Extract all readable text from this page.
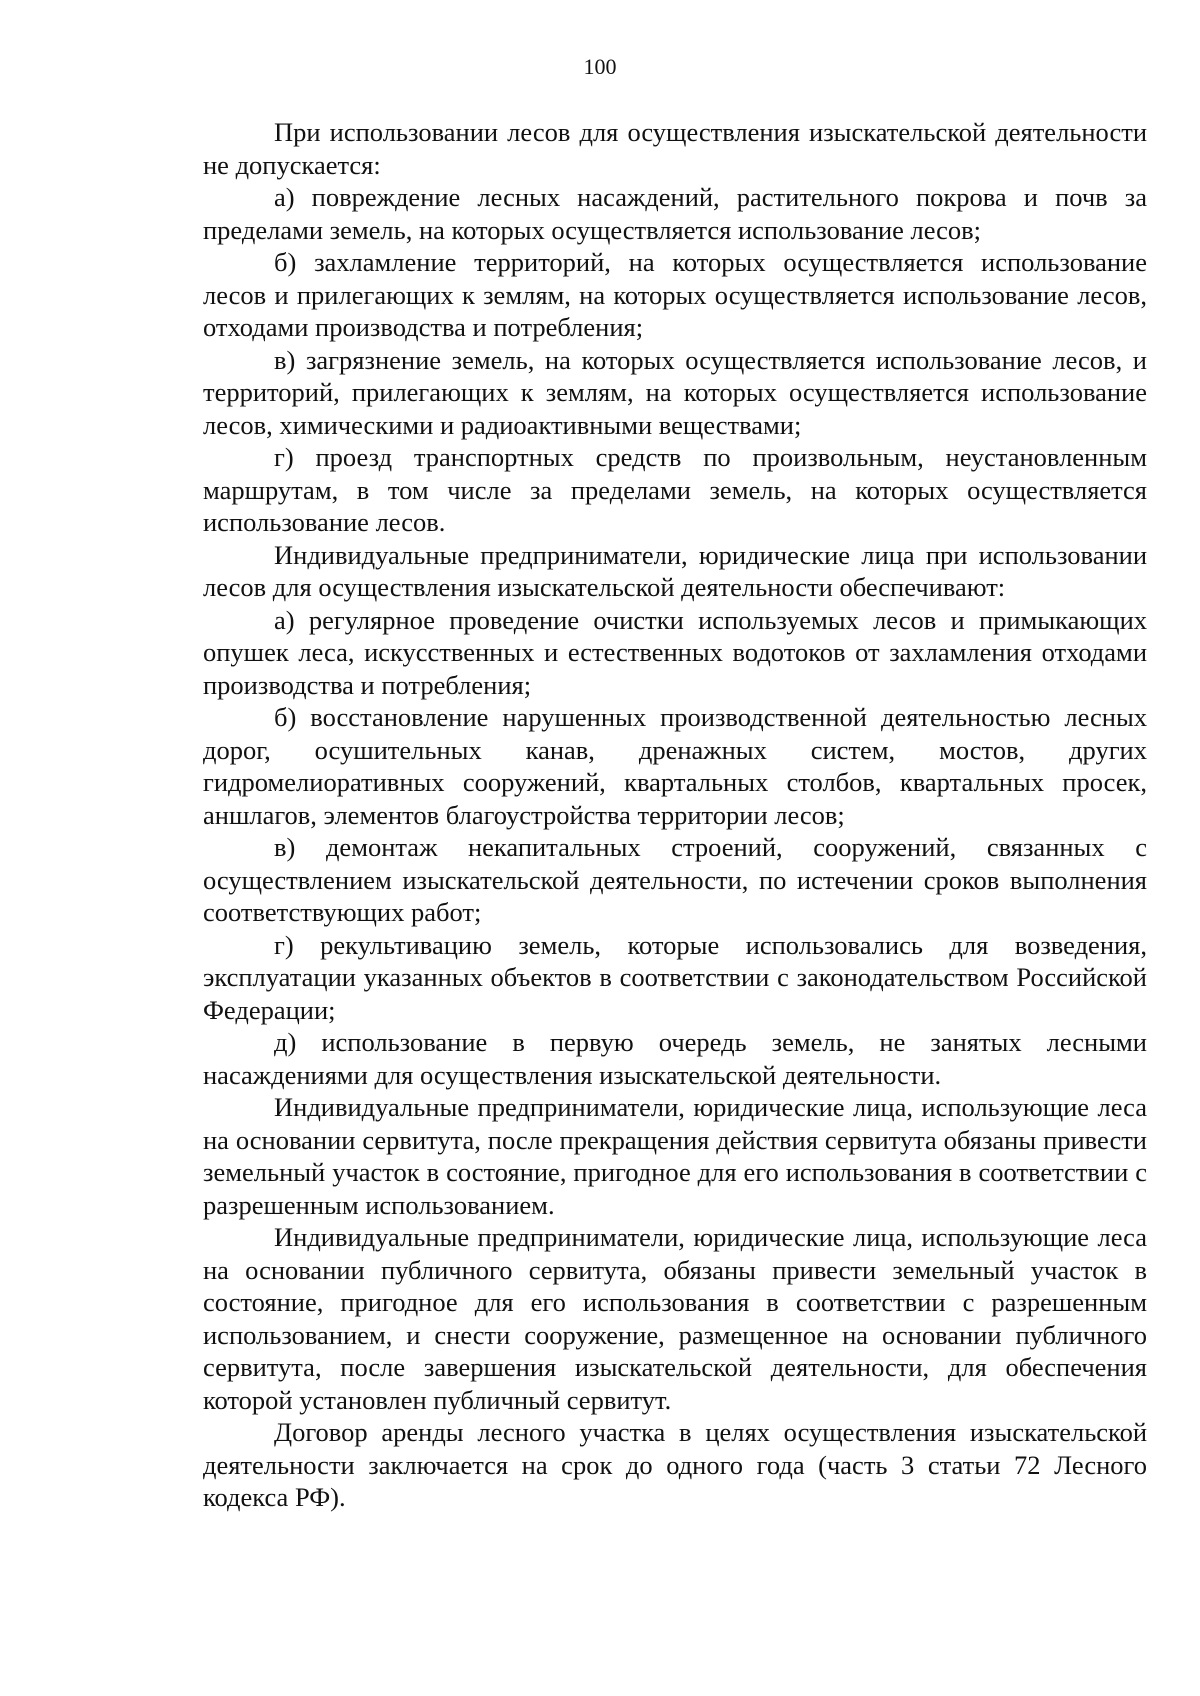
100

При использовании лесов для осуществления изыскательской деятельности не допускается:

а) повреждение лесных насаждений, растительного покрова и почв за пределами земель, на которых осуществляется использование лесов;

б) захламление территорий, на которых осуществляется использование лесов и прилегающих к землям, на которых осуществляется использование лесов, отходами производства и потребления;

в) загрязнение земель, на которых осуществляется использование лесов, и территорий, прилегающих к землям, на которых осуществляется использование лесов, химическими и радиоактивными веществами;

г) проезд транспортных средств по произвольным, неустановленным маршрутам, в том числе за пределами земель, на которых осуществляется использование лесов.

Индивидуальные предприниматели, юридические лица при использовании лесов для осуществления изыскательской деятельности обеспечивают:

а) регулярное проведение очистки используемых лесов и примыкающих опушек леса, искусственных и естественных водотоков от захламления отходами производства и потребления;

б) восстановление нарушенных производственной деятельностью лесных дорог, осушительных канав, дренажных систем, мостов, других гидромелиоративных сооружений, квартальных столбов, квартальных просек, аншлагов, элементов благоустройства территории лесов;

в) демонтаж некапитальных строений, сооружений, связанных с осуществлением изыскательской деятельности, по истечении сроков выполнения соответствующих работ;

г) рекультивацию земель, которые использовались для возведения, эксплуатации указанных объектов в соответствии с законодательством Российской Федерации;

д) использование в первую очередь земель, не занятых лесными насаждениями для осуществления изыскательской деятельности.

Индивидуальные предприниматели, юридические лица, использующие леса на основании сервитута, после прекращения действия сервитута обязаны привести земельный участок в состояние, пригодное для его использования в соответствии с разрешенным использованием.

Индивидуальные предприниматели, юридические лица, использующие леса на основании публичного сервитута, обязаны привести земельный участок в состояние, пригодное для его использования в соответствии с разрешенным использованием, и снести сооружение, размещенное на основании публичного сервитута, после завершения изыскательской деятельности, для обеспечения которой установлен публичный сервитут.

Договор аренды лесного участка в целях осуществления изыскательской деятельности заключается на срок до одного года (часть 3 статьи 72 Лесного кодекса РФ).
